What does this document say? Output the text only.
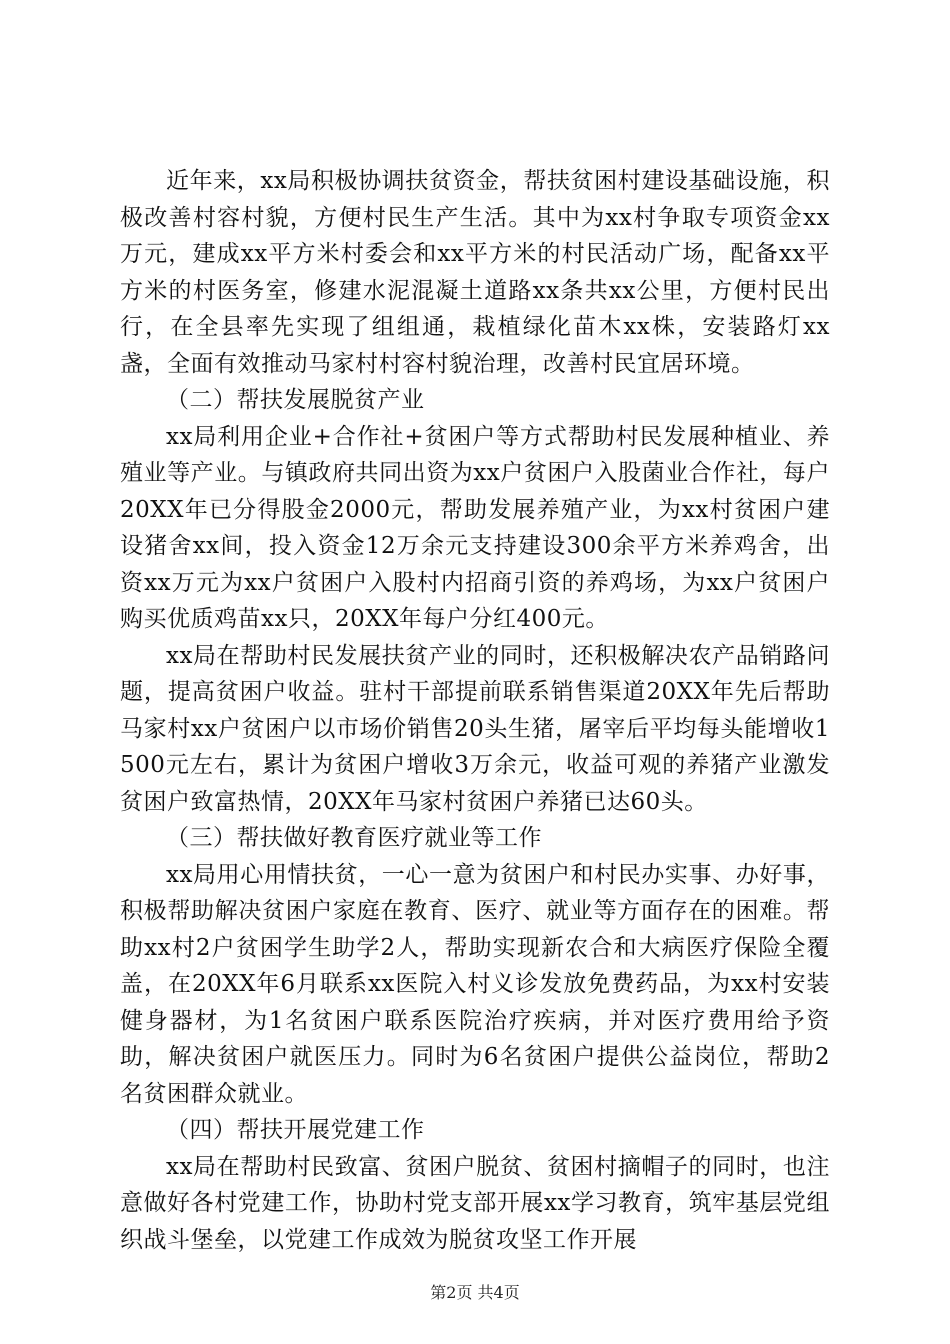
近年来，xx局积极协调扶贫资金，帮扶贫困村建设基础设施，积极改善村容村貌，方便村民生产生活。其中为xx村争取专项资金xx万元，建成xx平方米村委会和xx平方米的村民活动广场，配备xx平方米的村医务室，修建水泥混凝土道路xx条共xx公里，方便村民出行，在全县率先实现了组组通，栽植绿化苗木xx株，安装路灯xx盏，全面有效推动马家村村容村貌治理，改善村民宜居环境。

（二）帮扶发展脱贫产业

xx局利用企业+合作社+贫困户等方式帮助村民发展种植业、养殖业等产业。与镇政府共同出资为xx户贫困户入股菌业合作社，每户20XX年已分得股金2000元，帮助发展养殖产业，为xx村贫困户建设猪舍xx间，投入资金12万余元支持建设300余平方米养鸡舍，出资xx万元为xx户贫困户入股村内招商引资的养鸡场，为xx户贫困户购买优质鸡苗xx只，20XX年每户分红400元。

xx局在帮助村民发展扶贫产业的同时，还积极解决农产品销路问题，提高贫困户收益。驻村干部提前联系销售渠道20XX年先后帮助马家村xx户贫困户以市场价销售20头生猪，屠宰后平均每头能增收1500元左右，累计为贫困户增收3万余元，收益可观的养猪产业激发贫困户致富热情，20XX年马家村贫困户养猪已达60头。

（三）帮扶做好教育医疗就业等工作

xx局用心用情扶贫，一心一意为贫困户和村民办实事、办好事，积极帮助解决贫困户家庭在教育、医疗、就业等方面存在的困难。帮助xx村2户贫困学生助学2人，帮助实现新农合和大病医疗保险全覆盖，在20XX年6月联系xx医院入村义诊发放免费药品，为xx村安装健身器材，为1名贫困户联系医院治疗疾病，并对医疗费用给予资助，解决贫困户就医压力。同时为6名贫困户提供公益岗位，帮助2名贫困群众就业。

（四）帮扶开展党建工作

xx局在帮助村民致富、贫困户脱贫、贫困村摘帽子的同时，也注意做好各村党建工作，协助村党支部开展xx学习教育，筑牢基层党组织战斗堡垒，以党建工作成效为脱贫攻坚工作开展

第2页 共4页
